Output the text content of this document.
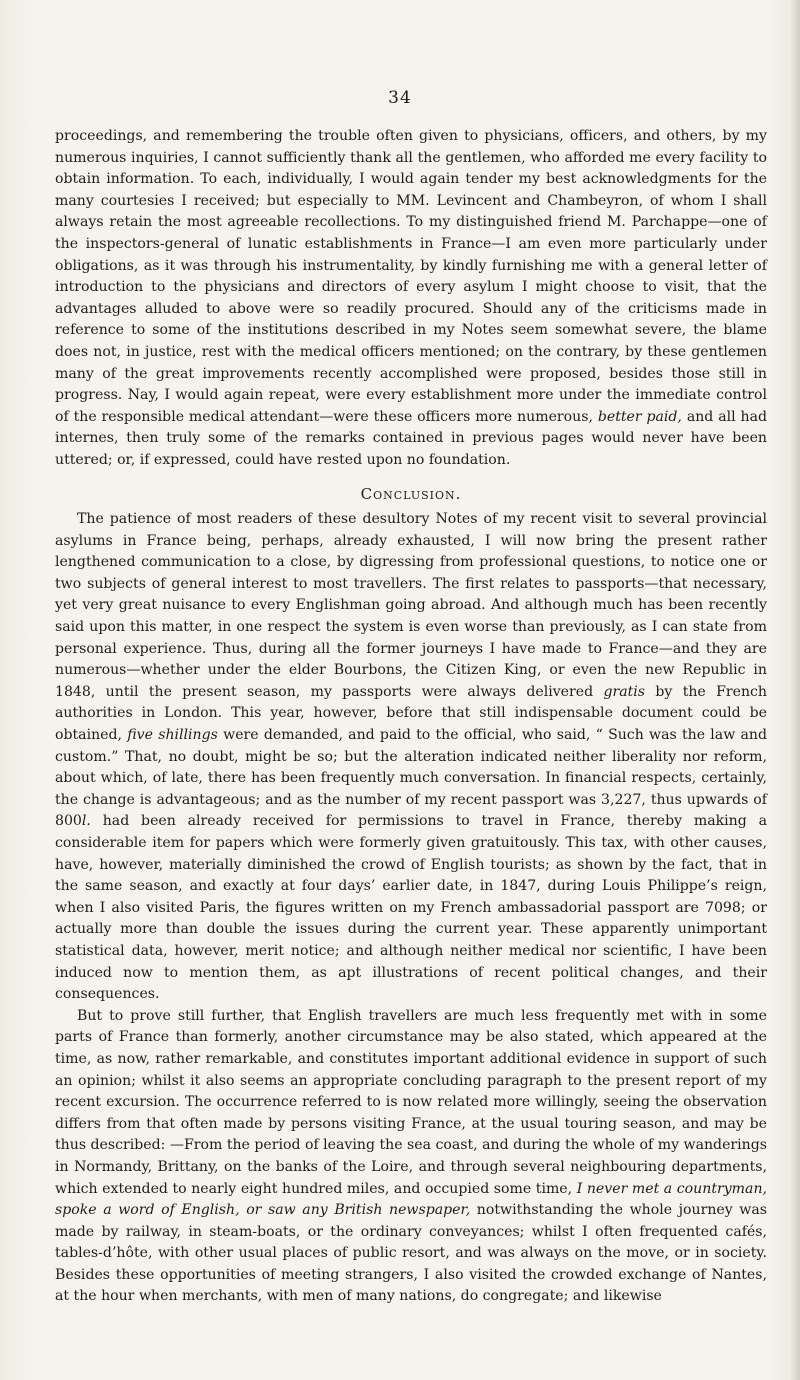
34

proceedings, and remembering the trouble often given to physicians, officers, and others, by my numerous inquiries, I cannot sufficiently thank all the gentlemen, who afforded me every facility to obtain information. To each, individually, I would again tender my best acknowledgments for the many courtesies I received; but especially to MM. Levincent and Chambeyron, of whom I shall always retain the most agreeable recollections. To my distinguished friend M. Parchappe—one of the inspectors-general of lunatic establishments in France—I am even more particularly under obligations, as it was through his instrumentality, by kindly furnishing me with a general letter of introduction to the physicians and directors of every asylum I might choose to visit, that the advantages alluded to above were so readily procured. Should any of the criticisms made in reference to some of the institutions described in my Notes seem somewhat severe, the blame does not, in justice, rest with the medical officers mentioned; on the contrary, by these gentlemen many of the great improvements recently accomplished were proposed, besides those still in progress. Nay, I would again repeat, were every establishment more under the immediate control of the responsible medical attendant—were these officers more numerous, better paid, and all had internes, then truly some of the remarks contained in previous pages would never have been uttered; or, if expressed, could have rested upon no foundation.

Conclusion.

The patience of most readers of these desultory Notes of my recent visit to several provincial asylums in France being, perhaps, already exhausted, I will now bring the present rather lengthened communication to a close, by digressing from professional questions, to notice one or two subjects of general interest to most travellers. The first relates to passports—that necessary, yet very great nuisance to every Englishman going abroad. And although much has been recently said upon this matter, in one respect the system is even worse than previously, as I can state from personal experience. Thus, during all the former journeys I have made to France—and they are numerous—whether under the elder Bourbons, the Citizen King, or even the new Republic in 1848, until the present season, my passports were always delivered gratis by the French authorities in London. This year, however, before that still indispensable document could be obtained, five shillings were demanded, and paid to the official, who said, “ Such was the law and custom.” That, no doubt, might be so; but the alteration indicated neither liberality nor reform, about which, of late, there has been frequently much conversation. In financial respects, certainly, the change is advantageous; and as the number of my recent passport was 3,227, thus upwards of 800l. had been already received for permissions to travel in France, thereby making a considerable item for papers which were formerly given gratuitously. This tax, with other causes, have, however, materially diminished the crowd of English tourists; as shown by the fact, that in the same season, and exactly at four days’ earlier date, in 1847, during Louis Philippe’s reign, when I also visited Paris, the figures written on my French ambassadorial passport are 7098; or actually more than double the issues during the current year. These apparently unimportant statistical data, however, merit notice; and although neither medical nor scientific, I have been induced now to mention them, as apt illustrations of recent political changes, and their consequences.

But to prove still further, that English travellers are much less frequently met with in some parts of France than formerly, another circumstance may be also stated, which appeared at the time, as now, rather remarkable, and constitutes important additional evidence in support of such an opinion; whilst it also seems an appropriate concluding paragraph to the present report of my recent excursion. The occurrence referred to is now related more willingly, seeing the observation differs from that often made by persons visiting France, at the usual touring season, and may be thus described: —From the period of leaving the sea coast, and during the whole of my wanderings in Normandy, Brittany, on the banks of the Loire, and through several neighbouring departments, which extended to nearly eight hundred miles, and occupied some time, I never met a countryman, spoke a word of English, or saw any British newspaper, notwithstanding the whole journey was made by railway, in steam-boats, or the ordinary conveyances; whilst I often frequented cafés, tables-d’hôte, with other usual places of public resort, and was always on the move, or in society. Besides these opportunities of meeting strangers, I also visited the crowded exchange of Nantes, at the hour when merchants, with men of many nations, do congregate; and likewise
